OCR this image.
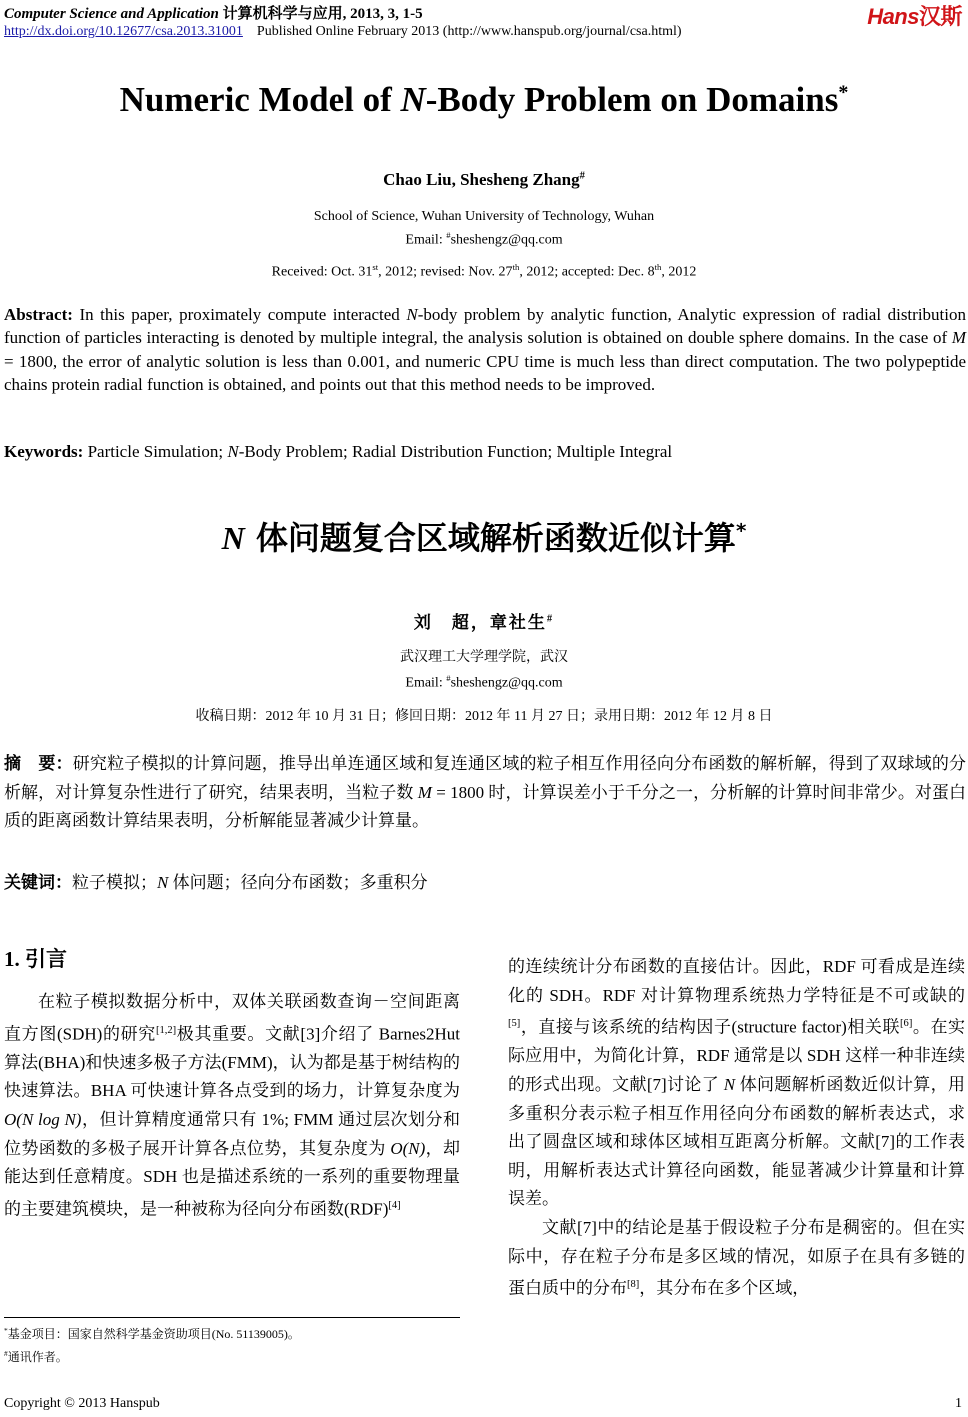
Computer Science and Application 计算机科学与应用, 2013, 3, 1-5
http://dx.doi.org/10.12677/csa.2013.31001 Published Online February 2013 (http://www.hanspub.org/journal/csa.html)
Hans汉斯
Numeric Model of N-Body Problem on Domains*
Chao Liu, Shesheng Zhang#
School of Science, Wuhan University of Technology, Wuhan
Email: #sheshengz@qq.com
Received: Oct. 31st, 2012; revised: Nov. 27th, 2012; accepted: Dec. 8th, 2012
Abstract: In this paper, proximately compute interacted N-body problem by analytic function, Analytic expression of radial distribution function of particles interacting is denoted by multiple integral, the analysis solution is obtained on double sphere domains. In the case of M = 1800, the error of analytic solution is less than 0.001, and numeric CPU time is much less than direct computation. The two polypeptide chains protein radial function is obtained, and points out that this method needs to be improved.
Keywords: Particle Simulation; N-Body Problem; Radial Distribution Function; Multiple Integral
N 体问题复合区域解析函数近似计算*
刘　超，章社生#
武汉理工大学理学院，武汉
Email: #sheshengz@qq.com
收稿日期：2012 年 10 月 31 日；修回日期：2012 年 11 月 27 日；录用日期：2012 年 12 月 8 日
摘　要：研究粒子模拟的计算问题，推导出单连通区域和复连通区域的粒子相互作用径向分布函数的解析解，得到了双球域的分析解，对计算复杂性进行了研究，结果表明，当粒子数 M = 1800 时，计算误差小于千分之一，分析解的计算时间非常少。对蛋白质的距离函数计算结果表明，分析解能显著减少计算量。
关键词：粒子模拟；N 体问题；径向分布函数；多重积分
1. 引言

在粒子模拟数据分析中，双体关联函数查询－空间距离直方图(SDH)的研究[1,2]极其重要。文献[3]介绍了 Barnes2Hut 算法(BHA)和快速多极子方法(FMM)，认为都是基于树结构的快速算法。BHA 可快速计算各点受到的场力，计算复杂度为 O(N log N)，但计算精度通常只有 1%; FMM 通过层次划分和位势函数的多极子展开计算各点位势，其复杂度为 O(N)，却能达到任意精度。SDH 也是描述系统的一系列的重要物理量的主要建筑模块，是一种被称为径向分布函数(RDF)[4]

的连续统计分布函数的直接估计。因此，RDF 可看成是连续化的 SDH。RDF 对计算物理系统热力学特征是不可或缺的[5]，直接与该系统的结构因子(structure factor)相关联[6]。在实际应用中，为简化计算，RDF 通常是以 SDH 这样一种非连续的形式出现。文献[7]讨论了 N 体问题解析函数近似计算，用多重积分表示粒子相互作用径向分布函数的解析表达式，求出了圆盘区域和球体区域相互距离分析解。文献[7]的工作表明，用解析表达式计算径向函数，能显著减少计算量和计算误差。

文献[7]中的结论是基于假设粒子分布是稠密的。但在实际中，存在粒子分布是多区域的情况，如原子在具有多链的蛋白质中的分布[8]，其分布在多个区域，

*基金项目：国家自然科学基金资助项目(No. 51139005)。
#通讯作者。
Copyright © 2013 Hanspub	1
